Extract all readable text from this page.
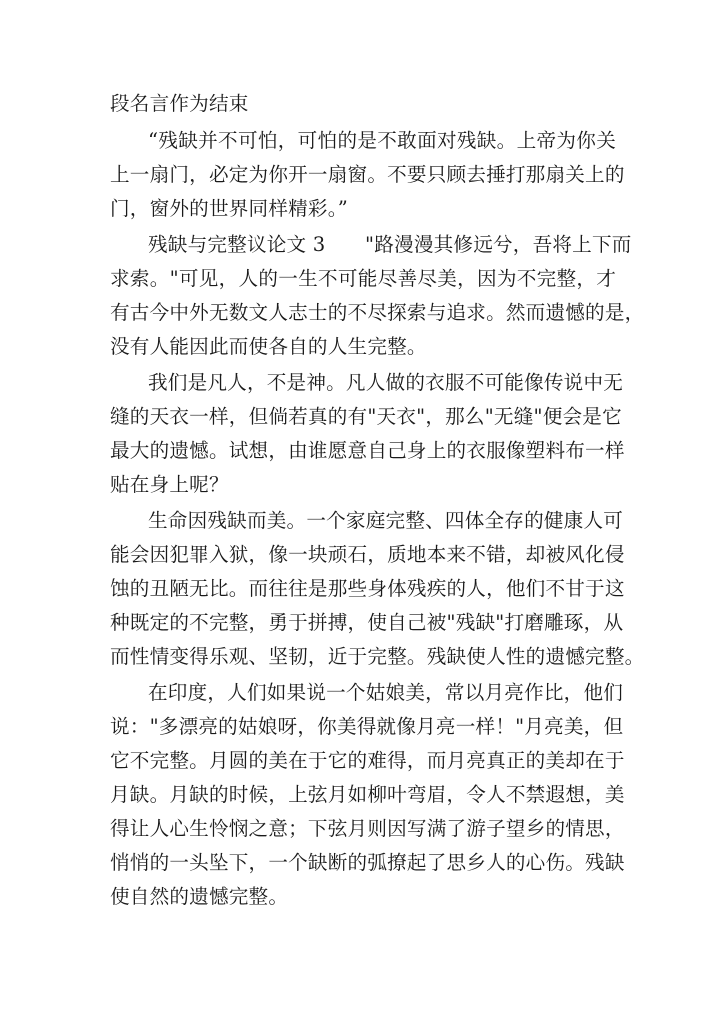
段名言作为结束
“残缺并不可怕，可怕的是不敢面对残缺。上帝为你关
上一扇门，必定为你开一扇窗。不要只顾去捶打那扇关上的
门，窗外的世界同样精彩。”
残缺与完整议论文 3　　"路漫漫其修远兮，吾将上下而
求索。"可见，人的一生不可能尽善尽美，因为不完整，才
有古今中外无数文人志士的不尽探索与追求。然而遗憾的是，
没有人能因此而使各自的人生完整。
我们是凡人，不是神。凡人做的衣服不可能像传说中无
缝的天衣一样，但倘若真的有"天衣"，那么"无缝"便会是它
最大的遗憾。试想，由谁愿意自己身上的衣服像塑料布一样
贴在身上呢？
生命因残缺而美。一个家庭完整、四体全存的健康人可
能会因犯罪入狱，像一块顽石，质地本来不错，却被风化侵
蚀的丑陋无比。而往往是那些身体残疾的人，他们不甘于这
种既定的不完整，勇于拼搏，使自己被"残缺"打磨雕琢，从
而性情变得乐观、坚韧，近于完整。残缺使人性的遗憾完整。
在印度，人们如果说一个姑娘美，常以月亮作比，他们
说："多漂亮的姑娘呀，你美得就像月亮一样！"月亮美，但
它不完整。月圆的美在于它的难得，而月亮真正的美却在于
月缺。月缺的时候，上弦月如柳叶弯眉，令人不禁遐想，美
得让人心生怜悯之意；下弦月则因写满了游子望乡的情思，
悄悄的一头坠下，一个缺断的弧撩起了思乡人的心伤。残缺
使自然的遗憾完整。
